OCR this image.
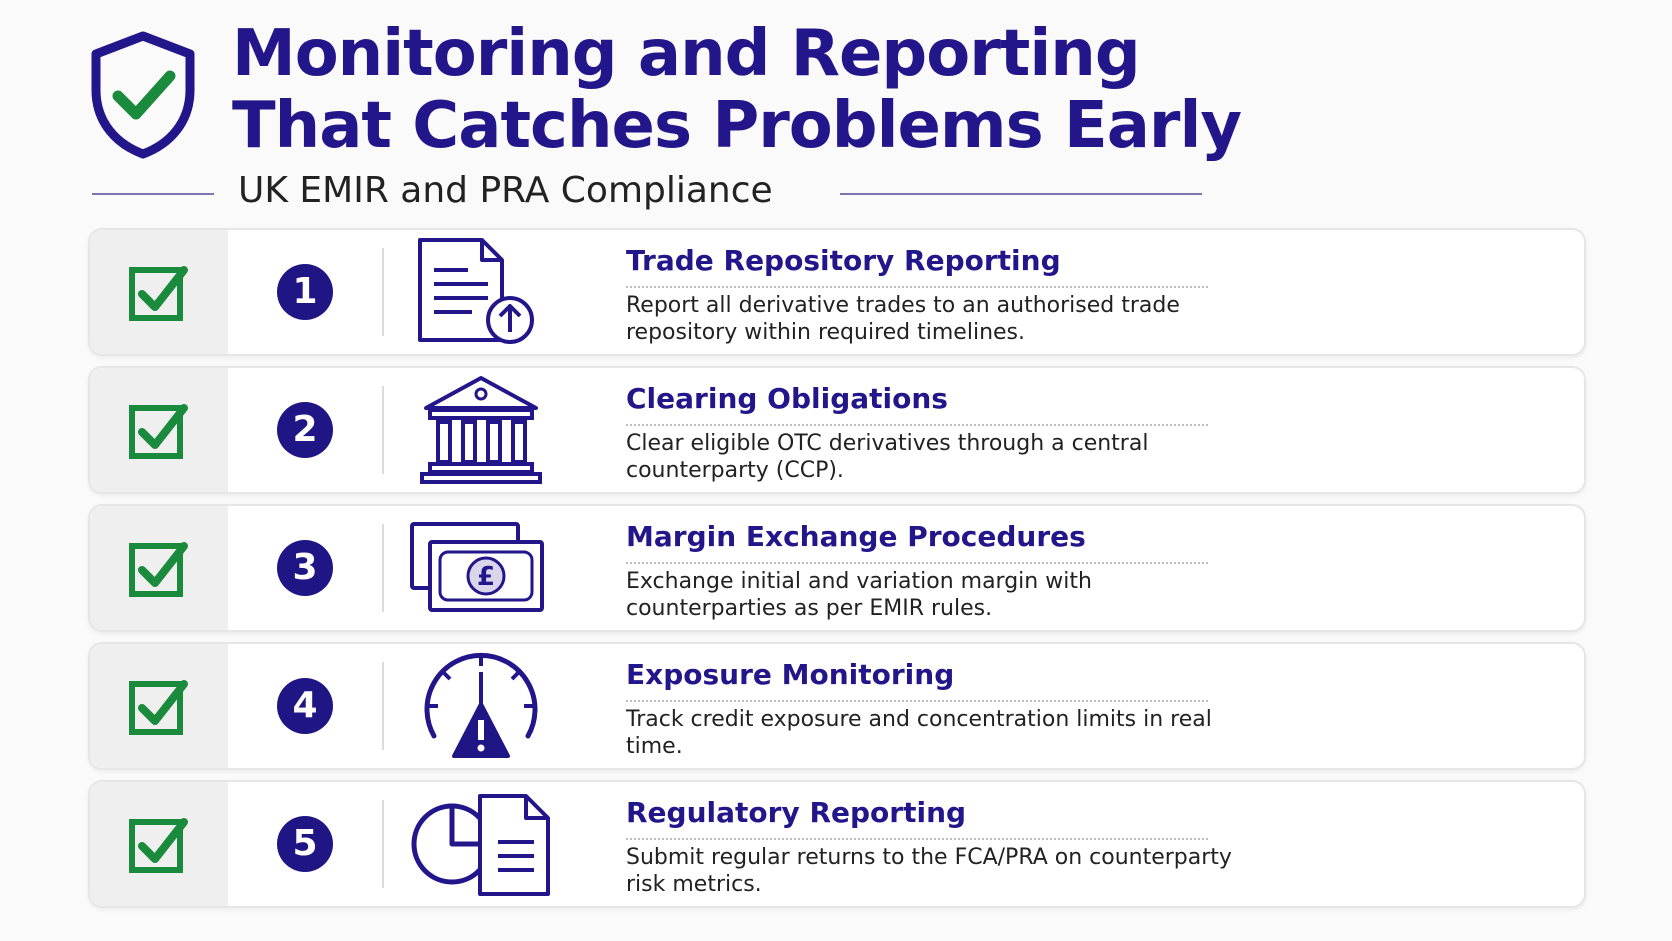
Monitoring and Reporting
That Catches Problems Early
UK EMIR and PRA Compliance
1
Trade Repository Reporting

Report all derivative trades to an authorised trade repository within required timelines.

2
Clearing Obligations

Clear eligible OTC derivatives through a central counterparty (CCP).

3	£
Margin Exchange Procedures

Exchange initial and variation margin with counterparties as per EMIR rules.

4
Exposure Monitoring

Track credit exposure and concentration limits in real time.

5
Regulatory Reporting

Submit regular returns to the FCA/PRA on counterparty risk metrics.
